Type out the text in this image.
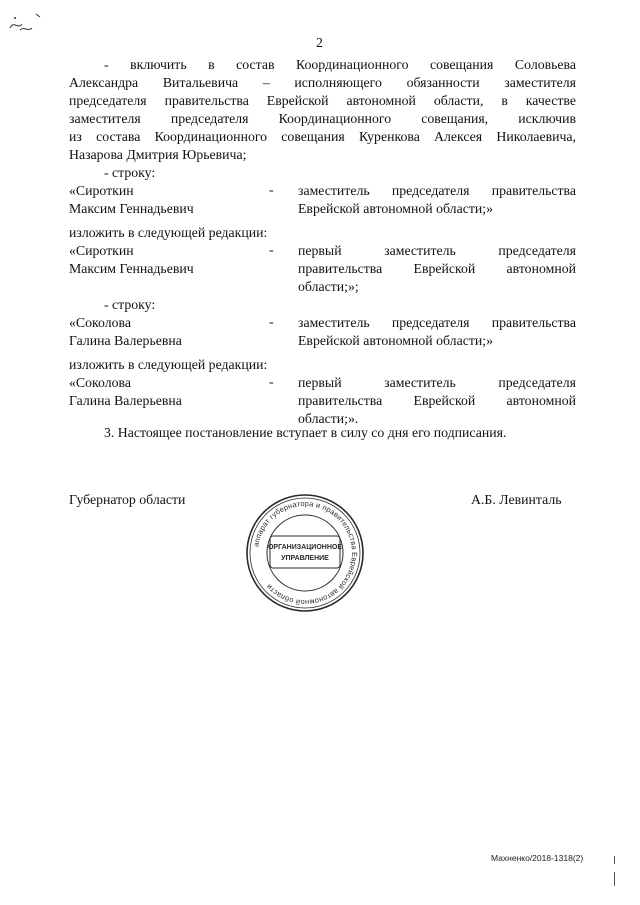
2
- включить в состав Координационного совещания Соловьева
Александра Витальевича – исполняющего обязанности заместителя
председателя правительства Еврейской автономной области, в качестве
заместителя председателя Координационного совещания, исключив
из состава Координационного совещания Куренкова Алексея Николаевича,
Назарова Дмитрия Юрьевича;
- строку:
«Сироткин
Максим Геннадьевич
- заместитель председателя правительства
Еврейской автономной области;»
изложить в следующей редакции:
«Сироткин
Максим Геннадьевич
- первый заместитель председателя
правительства Еврейской автономной
области;»;
- строку:
«Соколова
Галина Валерьевна
- заместитель председателя правительства
Еврейской автономной области;»
изложить в следующей редакции:
«Соколова
Галина Валерьевна
- первый заместитель председателя
правительства Еврейской автономной
области;».
3. Настоящее постановление вступает в силу со дня его подписания.
Губернатор области	А.Б. Левинталь
аппарат губернатора и правительства Еврейской автономной области
ОРГАНИЗАЦИОННОЕ
УПРАВЛЕНИЕ
Махненко/2018-1318(2)
